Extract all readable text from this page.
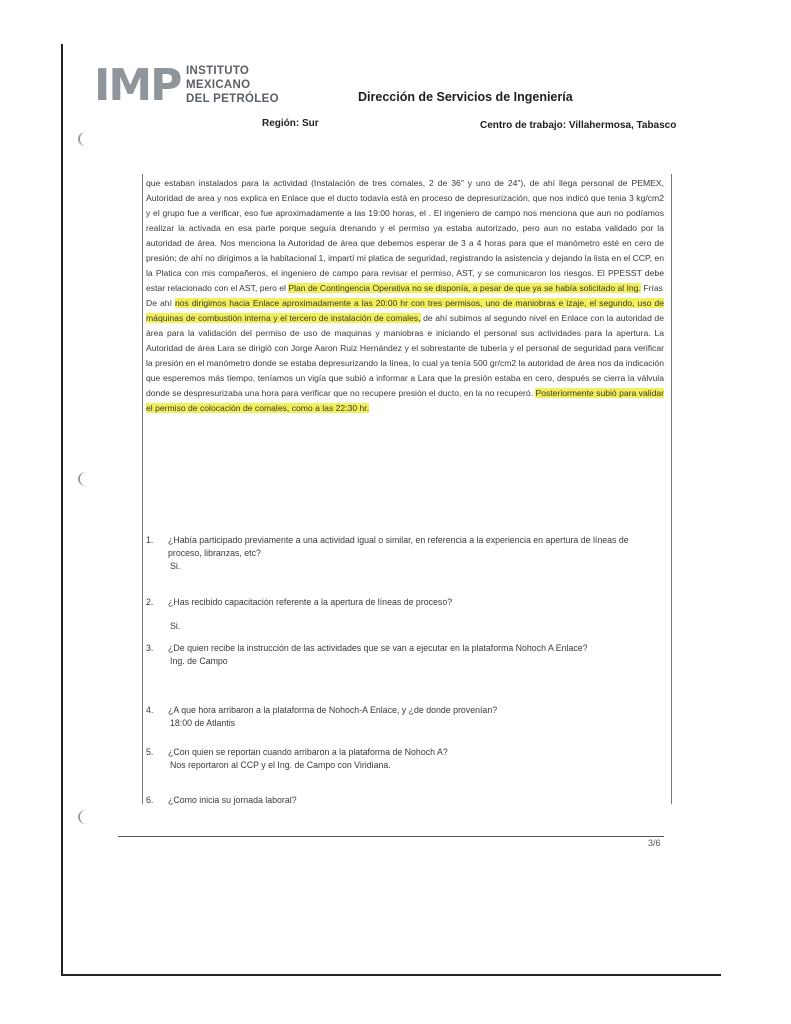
IMP INSTITUTO
MEXICANO
DEL PETRÓLEO	Dirección de Servicios de Ingeniería
Región: Sur	Centro de trabajo: Villahermosa, Tabasco

que estaban instalados para la actividad (Instalación de tres comales, 2 de 36" y uno de 24"), de ahí llega personal de PEMEX, Autoridad de area y nos explica en Enlace que el ducto todavía está en proceso de depresurización, que nos indicó que tenia 3 kg/cm2 y el grupo fue a verificar, eso fue aproximadamente a las 19:00 horas, el . El ingeniero de campo nos menciona que aun no podíamos realizar la activada en esa parte porque seguía drenando y el permiso ya estaba autorizado, pero aun no estaba validado por la autoridad de área. Nos menciona la Autoridad de área que debemos esperar de 3 a 4 horas para que el manómetro esté en cero de presión; de ahí no dirigimos a la habitacional 1, impartí mi platica de seguridad, registrando la asistencia y dejando la lista en el CCP, en la Platica con mis compañeros, el ingeniero de campo para revisar el permiso, AST, y se comunicaron los riesgos. El PPESST debe estar relacionado con el AST, pero el Plan de Contingencia Operativa no se disponía, a pesar de que ya se había solicitado al Ing. Frías

De ahí nos dirigimos hacia Enlace aproximadamente a las 20:00 hr con tres permisos, uno de maniobras e izaje, el segundo, uso de máquinas de combustión interna y el tercero de instalación de comales, de ahí subimos al segundo nivel en Enlace con la autoridad de área para la validación del permiso de uso de maquinas y maniobras e iniciando el personal sus actividades para la apertura. La Autoridad de área Lara se dirigió con Jorge Aaron Ruiz Hernández y el sobrestante de tubería y el personal de seguridad para verificar la presión en el manómetro donde se estaba depresurizando la línea, lo cual ya tenía 500 gr/cm2 la autoridad de área nos da indicación que esperemos más tiempo, teníamos un vigía que subió a informar a Lara que la presión estaba en cero, después se cierra la válvula donde se despresurizaba una hora para verificar que no recupere presión el ducto, en la no recuperó. Posteriormente subió para validar el permiso de colocación de comales, como a las 22:30 hr.

1.	¿Había participado previamente a una actividad igual o similar, en referencia a la experiencia en apertura de líneas de proceso, libranzas, etc?
Si.
2.	¿Has recibido capacitación referente a la apertura de líneas de proceso?
Si.
3.	¿De quien recibe la instrucción de las actividades que se van a ejecutar en la plataforma Nohoch A Enlace?
Ing. de Campo
4.	¿A que hora arribaron a la plataforma de Nohoch-A Enlace, y ¿de donde provenían?
18:00 de Atlantis
5.	¿Con quien se reportan cuando arribaron a la plataforma de Nohoch A?
Nos reportaron al CCP y el Ing. de Campo con Viridiana.
6.	¿Como inicia su jornada laboral?
3/6
